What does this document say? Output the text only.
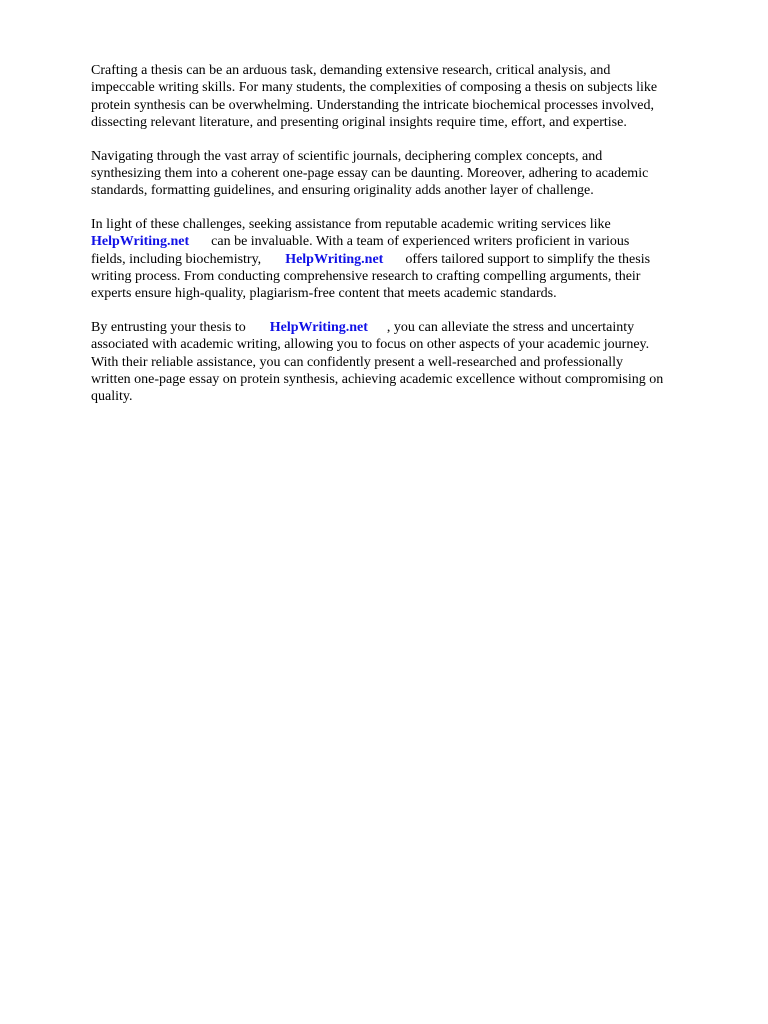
Crafting a thesis can be an arduous task, demanding extensive research, critical analysis, and
impeccable writing skills. For many students, the complexities of composing a thesis on subjects like
protein synthesis can be overwhelming. Understanding the intricate biochemical processes involved,
dissecting relevant literature, and presenting original insights require time, effort, and expertise.

Navigating through the vast array of scientific journals, deciphering complex concepts, and
synthesizing them into a coherent one-page essay can be daunting. Moreover, adhering to academic
standards, formatting guidelines, and ensuring originality adds another layer of challenge.

In light of these challenges, seeking assistance from reputable academic writing services like
HelpWriting.net can be invaluable. With a team of experienced writers proficient in various
fields, including biochemistry, HelpWriting.net offers tailored support to simplify the thesis
writing process. From conducting comprehensive research to crafting compelling arguments, their
experts ensure high-quality, plagiarism-free content that meets academic standards.

By entrusting your thesis to HelpWriting.net , you can alleviate the stress and uncertainty
associated with academic writing, allowing you to focus on other aspects of your academic journey.
With their reliable assistance, you can confidently present a well-researched and professionally
written one-page essay on protein synthesis, achieving academic excellence without compromising on
quality.
